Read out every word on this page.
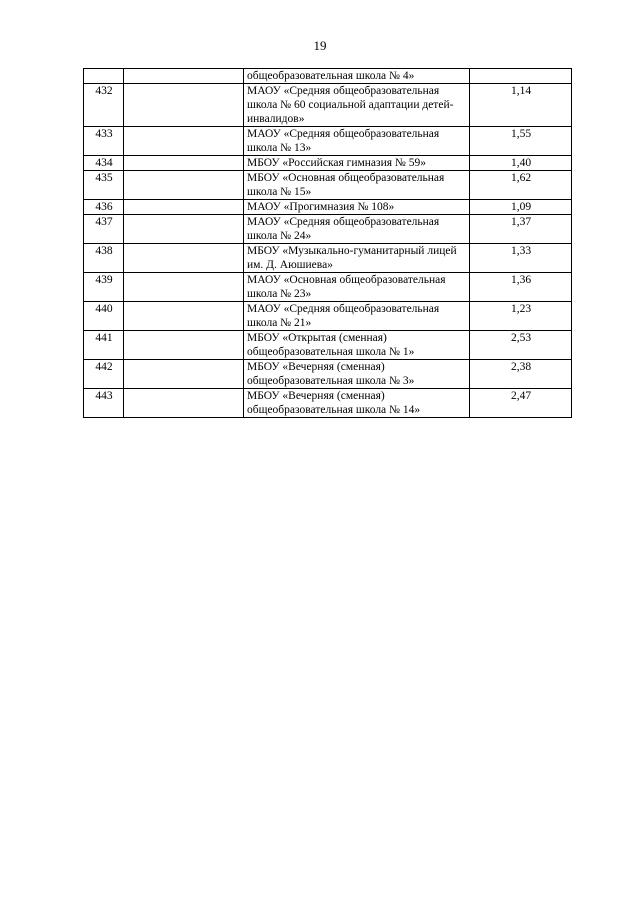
19
		общеобразовательная школа № 4»	
432		МАОУ «Средняя общеобразовательная школа № 60 социальной адаптации детей-инвалидов»	1,14
433		МАОУ «Средняя общеобразовательная школа № 13»	1,55
434		МБОУ «Российская гимназия № 59»	1,40
435		МБОУ «Основная общеобразовательная школа № 15»	1,62
436		МАОУ «Прогимназия № 108»	1,09
437		МАОУ «Средняя общеобразовательная школа № 24»	1,37
438		МБОУ «Музыкально-гуманитарный лицей им. Д. Аюшиева»	1,33
439		МАОУ «Основная общеобразовательная школа № 23»	1,36
440		МАОУ «Средняя общеобразовательная школа № 21»	1,23
441		МБОУ «Открытая (сменная) общеобразовательная школа № 1»	2,53
442		МБОУ «Вечерняя (сменная) общеобразовательная школа № 3»	2,38
443		МБОУ «Вечерняя (сменная) общеобразовательная школа № 14»	2,47
